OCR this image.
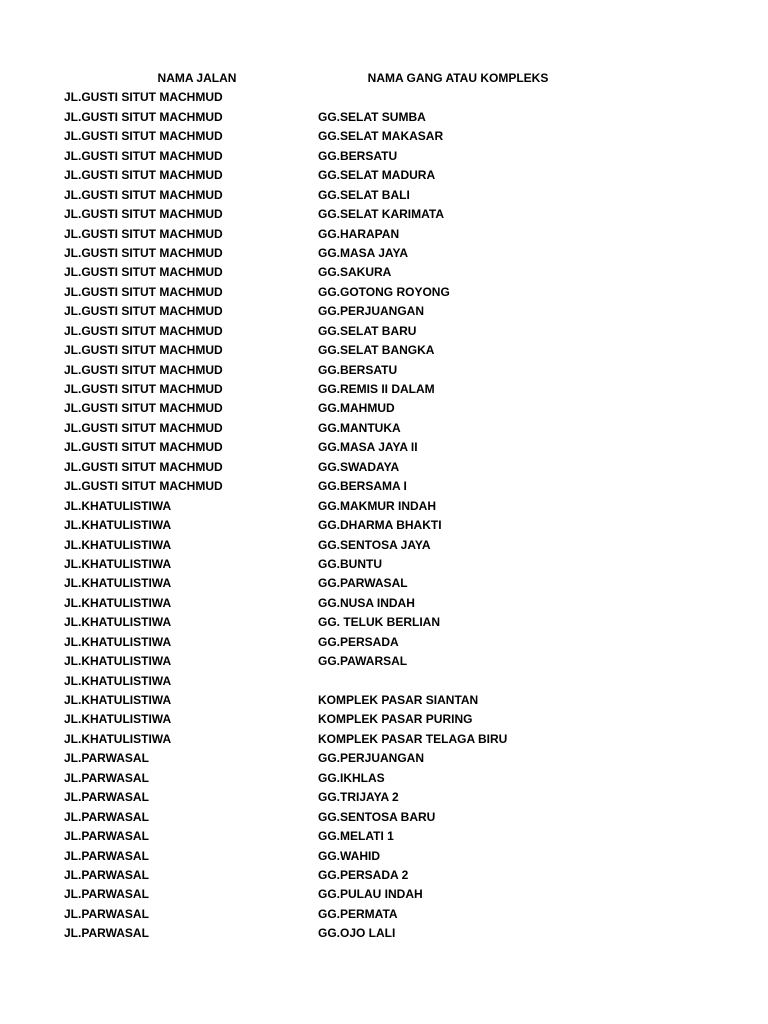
NAMA JALAN	NAMA GANG ATAU KOMPLEKS
JL.GUSTI SITUT MACHMUD
JL.GUSTI SITUT MACHMUD	GG.SELAT SUMBA
JL.GUSTI SITUT MACHMUD	GG.SELAT MAKASAR
JL.GUSTI SITUT MACHMUD	GG.BERSATU
JL.GUSTI SITUT MACHMUD	GG.SELAT MADURA
JL.GUSTI SITUT MACHMUD	GG.SELAT BALI
JL.GUSTI SITUT MACHMUD	GG.SELAT KARIMATA
JL.GUSTI SITUT MACHMUD	GG.HARAPAN
JL.GUSTI SITUT MACHMUD	GG.MASA JAYA
JL.GUSTI SITUT MACHMUD	GG.SAKURA
JL.GUSTI SITUT MACHMUD	GG.GOTONG ROYONG
JL.GUSTI SITUT MACHMUD	GG.PERJUANGAN
JL.GUSTI SITUT MACHMUD	GG.SELAT BARU
JL.GUSTI SITUT MACHMUD	GG.SELAT BANGKA
JL.GUSTI SITUT MACHMUD	GG.BERSATU
JL.GUSTI SITUT MACHMUD	GG.REMIS II DALAM
JL.GUSTI SITUT MACHMUD	GG.MAHMUD
JL.GUSTI SITUT MACHMUD	GG.MANTUKA
JL.GUSTI SITUT MACHMUD	GG.MASA JAYA II
JL.GUSTI SITUT MACHMUD	GG.SWADAYA
JL.GUSTI SITUT MACHMUD	GG.BERSAMA I
JL.KHATULISTIWA	GG.MAKMUR INDAH
JL.KHATULISTIWA	GG.DHARMA BHAKTI
JL.KHATULISTIWA	GG.SENTOSA JAYA
JL.KHATULISTIWA	GG.BUNTU
JL.KHATULISTIWA	GG.PARWASAL
JL.KHATULISTIWA	GG.NUSA INDAH
JL.KHATULISTIWA	GG. TELUK BERLIAN
JL.KHATULISTIWA	GG.PERSADA
JL.KHATULISTIWA	GG.PAWARSAL
JL.KHATULISTIWA
JL.KHATULISTIWA	KOMPLEK PASAR SIANTAN
JL.KHATULISTIWA	KOMPLEK PASAR PURING
JL.KHATULISTIWA	KOMPLEK PASAR TELAGA BIRU
JL.PARWASAL	GG.PERJUANGAN
JL.PARWASAL	GG.IKHLAS
JL.PARWASAL	GG.TRIJAYA 2
JL.PARWASAL	GG.SENTOSA BARU
JL.PARWASAL	GG.MELATI 1
JL.PARWASAL	GG.WAHID
JL.PARWASAL	GG.PERSADA 2
JL.PARWASAL	GG.PULAU INDAH
JL.PARWASAL	GG.PERMATA
JL.PARWASAL	GG.OJO LALI
